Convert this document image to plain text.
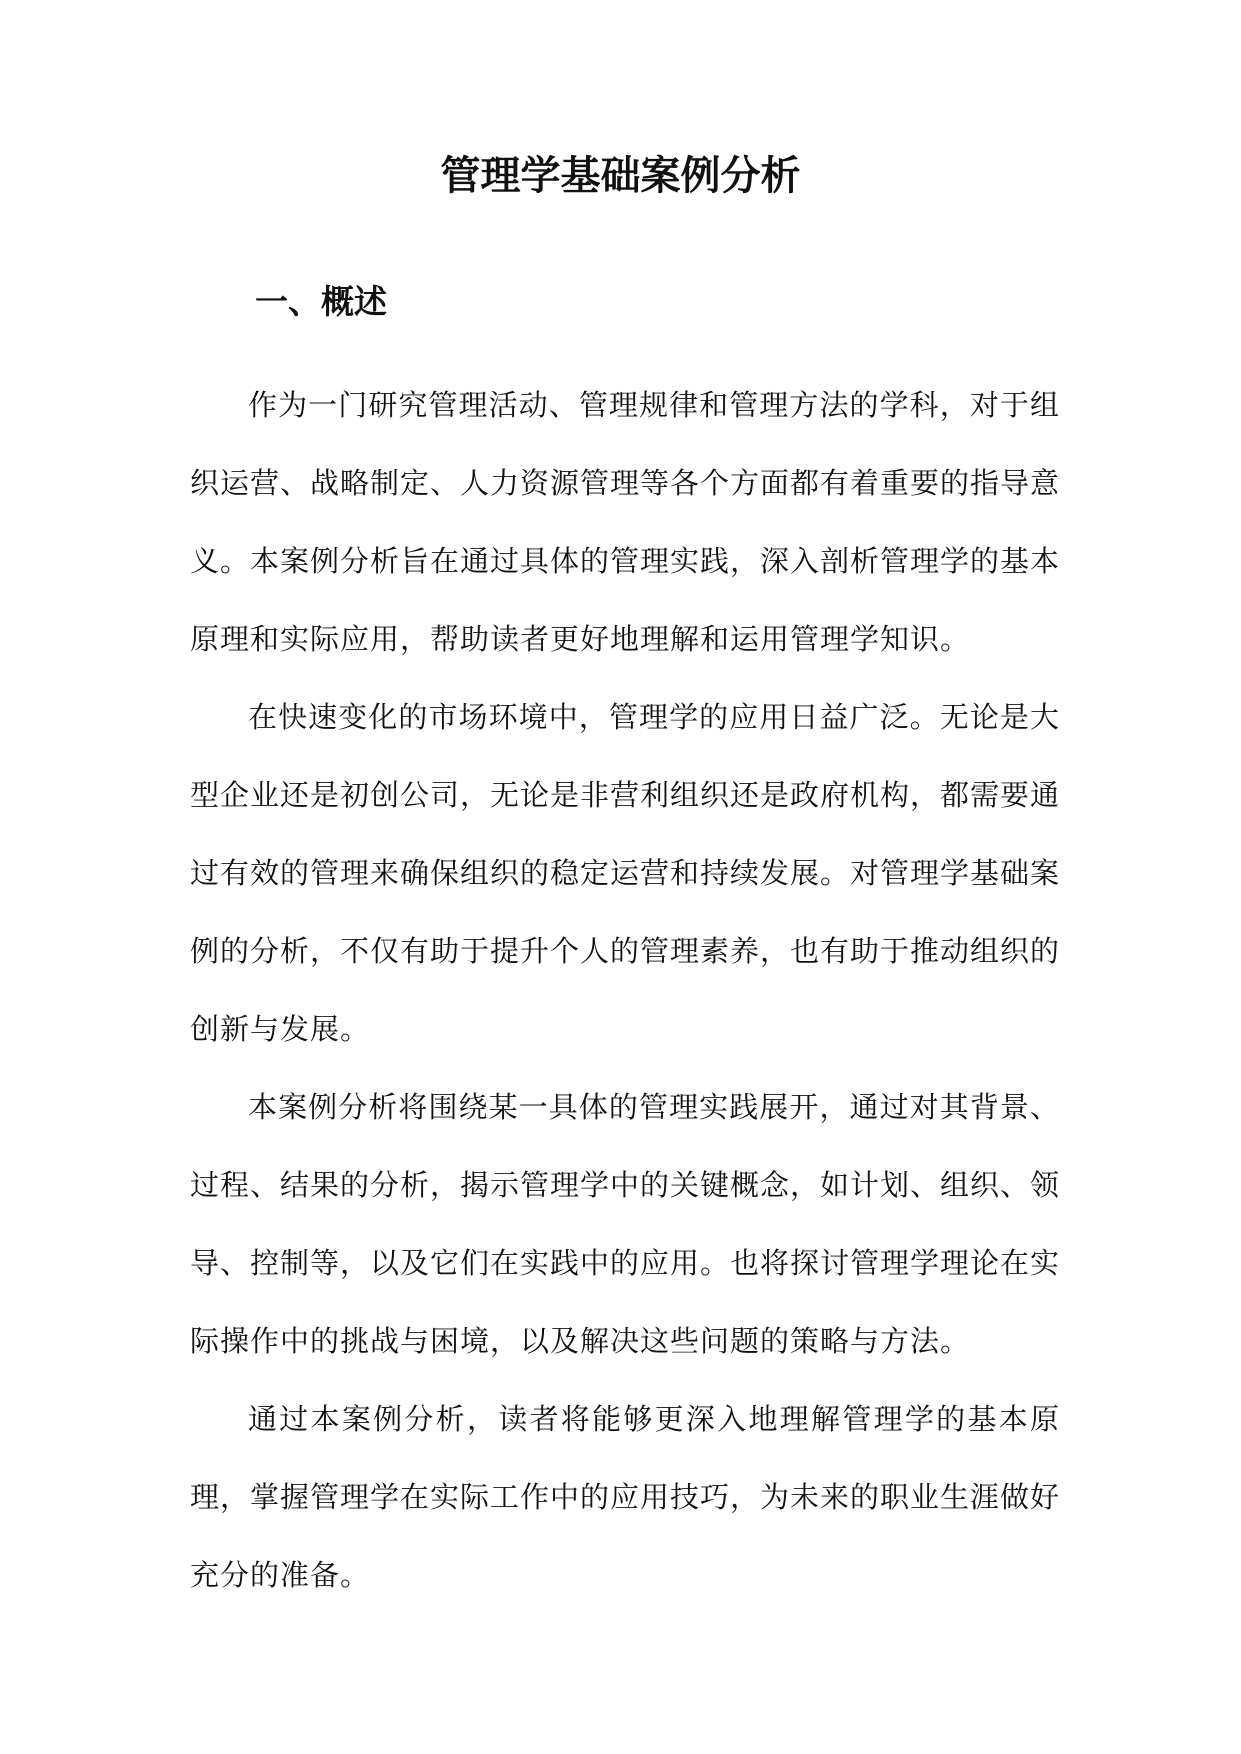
管理学基础案例分析
一、概述

作为一门研究管理活动、管理规律和管理方法的学科，对于组织运营、战略制定、人力资源管理等各个方面都有着重要的指导意义。本案例分析旨在通过具体的管理实践，深入剖析管理学的基本原理和实际应用，帮助读者更好地理解和运用管理学知识。

在快速变化的市场环境中，管理学的应用日益广泛。无论是大型企业还是初创公司，无论是非营利组织还是政府机构，都需要通过有效的管理来确保组织的稳定运营和持续发展。对管理学基础案例的分析，不仅有助于提升个人的管理素养，也有助于推动组织的创新与发展。

本案例分析将围绕某一具体的管理实践展开，通过对其背景、过程、结果的分析，揭示管理学中的关键概念，如计划、组织、领导、控制等，以及它们在实践中的应用。也将探讨管理学理论在实际操作中的挑战与困境，以及解决这些问题的策略与方法。

通过本案例分析，读者将能够更深入地理解管理学的基本原理，掌握管理学在实际工作中的应用技巧，为未来的职业生涯做好充分的准备。
